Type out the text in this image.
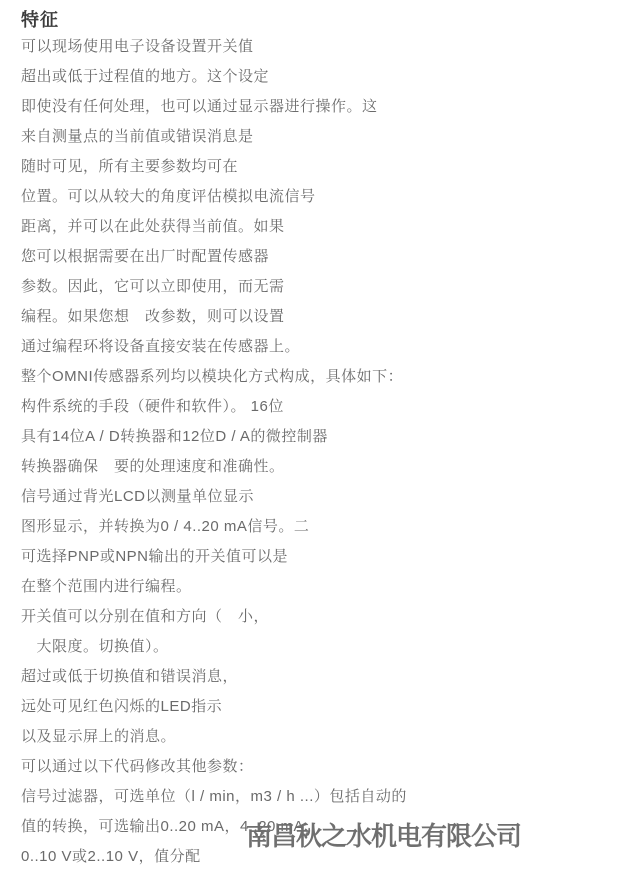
特征
可以现场使用电子设备设置开关值
超出或低于过程值的地方。这个设定
即使没有任何处理，也可以通过显示器进行操作。这
来自测量点的当前值或错误消息是
随时可见，所有主要参数均可在
位置。可以从较大的角度评估模拟电流信号
距离，并可以在此处获得当前值。如果
您可以根据需要在出厂时配置传感器
参数。因此，它可以立即使用，而无需
编程。如果您想　改参数，则可以设置
通过编程环将设备直接安装在传感器上。
整个OMNI传感器系列均以模块化方式构成，具体如下：
构件系统的手段（硬件和软件）。 16位
具有14位A / D转换器和12位D / A的微控制器
转换器确保　要的处理速度和准确性。
信号通过背光LCD以测量单位显示
图形显示，并转换为0 / 4..20 mA信号。二
可选择PNP或NPN输出的开关值可以是
在整个范围内进行编程。
开关值可以分别在值和方向（　小，
　大限度。切换值）。
超过或低于切换值和错误消息，
远处可见红色闪烁的LED指示
以及显示屏上的消息。
可以通过以下代码修改其他参数：
信号过滤器，可选单位（l / min，m3 / h ...）包括自动的
值的转换，可选输出0..20 mA，4..20 mA，
0..10 V或2..10 V，值分配
南昌秋之水机电有限公司
